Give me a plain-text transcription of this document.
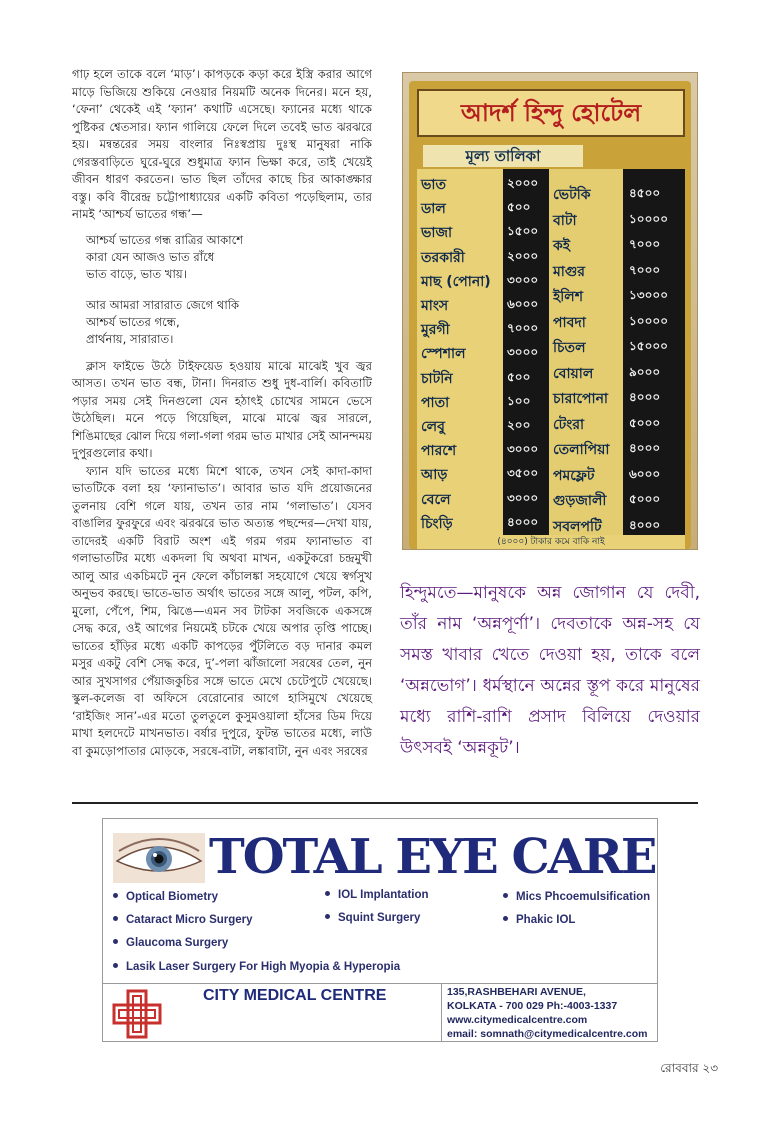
গাঢ় হলে তাকে বলে ‘মাড়’। কাপড়কে কড়া করে ইস্ত্রি করার আগে মাড়ে ভিজিয়ে শুকিয়ে নেওয়ার নিয়মটি অনেক দিনের। মনে হয়, ‘ফেনা’ থেকেই এই ‘ফ্যান’ কথাটি এসেছে। ফ্যানের মধ্যে থাকে পুষ্টিকর শ্বেতসার। ফ্যান গালিয়ে ফেলে দিলে তবেই ভাত ঝরঝরে হয়। মন্বন্তরের সময় বাংলার নিঃস্বপ্রায় দুঃস্থ মানুষরা নাকি গেরস্তবাড়িতে ঘুরে-ঘুরে শুধুমাত্র ফ্যান ভিক্ষা করে, তাই খেয়েই জীবন ধারণ করতেন। ভাত ছিল তাঁদের কাছে চির আকাঙ্ক্ষার বস্তু। কবি বীরেন্দ্র চট্টোপাধ্যায়ের একটি কবিতা পড়েছিলাম, তার নামই ‘আশ্চর্য ভাতের গন্ধ’—

আশ্চর্য ভাতের গন্ধ রাত্রির আকাশে
কারা যেন আজও ভাত রাঁধে
ভাত বাড়ে, ভাত খায়।
আর আমরা সারারাত জেগে থাকি
আশ্চর্য ভাতের গন্ধে,
প্রার্থনায়, সারারাত।

ক্লাস ফাইভে উঠে টাইফয়েড হওয়ায় মাঝে মাঝেই খুব জ্বর আসত। তখন ভাত বন্ধ, টানা। দিনরাত শুধু দুধ-বার্লি। কবিতাটি পড়ার সময় সেই দিনগুলো যেন হঠাৎই চোখের সামনে ভেসে উঠেছিল। মনে পড়ে গিয়েছিল, মাঝে মাঝে জ্বর সারলে, শিঙিমাছের ঝোল দিয়ে গলা-গলা গরম ভাত মাখার সেই আনন্দময় দুপুরগুলোর কথা।

ফ্যান যদি ভাতের মধ্যে মিশে থাকে, তখন সেই কাদা-কাদা ভাতটিকে বলা হয় ‘ফ্যানাভাত’। আবার ভাত যদি প্রয়োজনের তুলনায় বেশি গলে যায়, তখন তার নাম ‘গলাভাত’। যেসব বাঙালির ফুরফুরে এবং ঝরঝরে ভাত অত্যন্ত পছন্দের—দেখা যায়, তাদেরই একটি বিরাট অংশ এই গরম গরম ফ্যানাভাত বা গলাভাতটির মধ্যে একদলা ঘি অথবা মাখন, একটুকরো চন্দ্রমুখী আলু আর একচিমটে নুন ফেলে কাঁচালঙ্কা সহযোগে খেয়ে স্বর্গসুখ অনুভব করছে। ভাতে-ভাত অর্থাৎ ভাতের সঙ্গে আলু, পটল, কপি, মুলো, পেঁপে, শিম, ঝিঙে—এমন সব টাটকা সবজিকে একসঙ্গে সেদ্ধ করে, ওই আগের নিয়মেই চটকে খেয়ে অপার তৃপ্তি পাচ্ছে। ভাতের হাঁড়ির মধ্যে একটি কাপড়ের পুঁটলিতে বড় দানার কমল মসুর একটু বেশি সেদ্ধ করে, দু’-পলা ঝাঁজালো সরষের তেল, নুন আর সুখসাগর পেঁয়াজকুচির সঙ্গে ভাতে মেখে চেটেপুটে খেয়েছে। স্কুল-কলেজ বা অফিসে বেরোনোর আগে হাসিমুখে খেয়েছে ‘রাইজিং সান’-এর মতো তুলতুলে কুসুমওয়ালা হাঁসের ডিম দিয়ে মাখা হলদেটে মাখনভাত। বর্ষার দুপুরে, ফুটন্ত ভাতের মধ্যে, লাউ বা কুমড়োপাতার মোড়কে, সরষে-বাটা, লঙ্কাবাটা, নুন এবং সরষের

আদর্শ হিন্দু হোটেল
মূল্য তালিকা
ভাত	২০০০
ডাল	৫০০
ভাজা	১৫০০
তরকারী	২০০০
মাছ (পোনা) ৩০০০
মাংস	৬০০০
মুরগী	৭০০০
স্পেশাল	৩০০০
চাটনি	৫০০
পাতা	১০০
লেবু	২০০
পারশে	৩০০০
আড়	৩৫০০
বেলে	৩০০০
চিংড়ি	৪০০০
ভেটকি	৪৫০০
বাটা	১০০০০
কই	৭০০০
মাগুর	৭০০০
ইলিশ	১৩০০০
পাবদা	১০০০০
চিতল	১৫০০০
বোয়াল	৯০০০
চারাপোনা ৪০০০
টেংরা	৫০০০
তেলাপিয়া ৪০০০
পমফ্লেট	৬০০০
গুড়জালী ৫০০০
সবলপটি ৪০০০
(৪০০০) টাকার কমে বাকি নাই
হিন্দুমতে—মানুষকে অন্ন জোগান যে দেবী, তাঁর নাম ‘অন্নপূর্ণা’। দেবতাকে অন্ন-সহ যে সমস্ত খাবার খেতে দেওয়া হয়, তাকে বলে ‘অন্নভোগ’। ধর্মস্থানে অন্নের স্তূপ করে মানুষের মধ্যে রাশি-রাশি প্রসাদ বিলিয়ে দেওয়ার উৎসবই ‘অন্নকূট’।
TOTAL EYE CARE
Optical Biometry	IOL Implantation	Mics Phcoemulsification
Cataract Micro Surgery	Squint Surgery	Phakic IOL
Glaucoma Surgery
Lasik Laser Surgery For High Myopia & Hyperopia
CITY MEDICAL CENTRE	135,RASHBEHARI AVENUE,
KOLKATA - 700 029 Ph:-4003-1337
www.citymedicalcentre.com
email: somnath@citymedicalcentre.com
রোববার ২৩
